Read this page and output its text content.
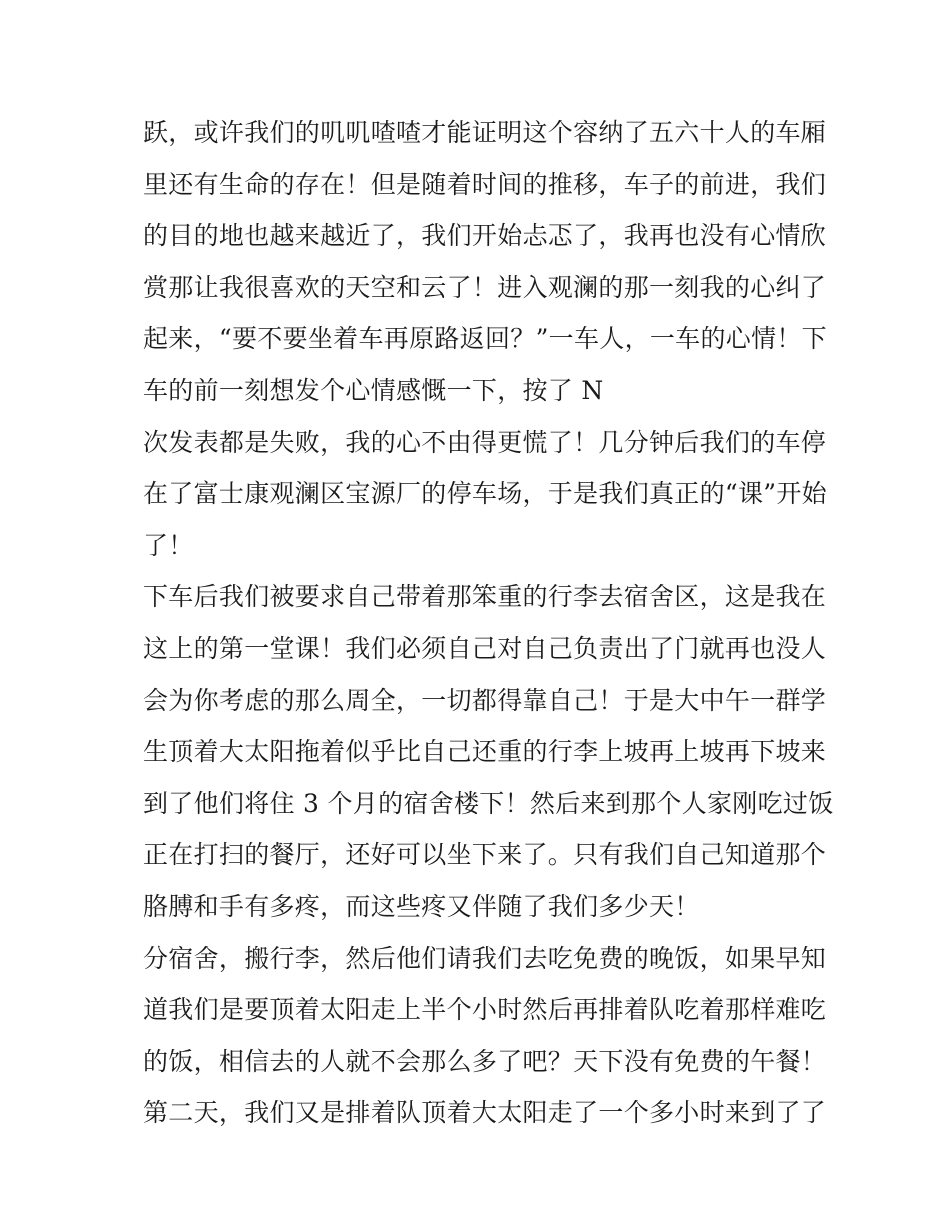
跃，或许我们的叽叽喳喳才能证明这个容纳了五六十人的车厢
里还有生命的存在！但是随着时间的推移，车子的前进，我们
的目的地也越来越近了，我们开始忐忑了，我再也没有心情欣
赏那让我很喜欢的天空和云了！进入观澜的那一刻我的心纠了
起来，“要不要坐着车再原路返回？”一车人，一车的心情！下
车的前一刻想发个心情感慨一下，按了 N
次发表都是失败，我的心不由得更慌了！几分钟后我们的车停
在了富士康观澜区宝源厂的停车场，于是我们真正的“课”开始
了！
下车后我们被要求自己带着那笨重的行李去宿舍区，这是我在
这上的第一堂课！我们必须自己对自己负责出了门就再也没人
会为你考虑的那么周全，一切都得靠自己！于是大中午一群学
生顶着大太阳拖着似乎比自己还重的行李上坡再上坡再下坡来
到了他们将住 3 个月的宿舍楼下！然后来到那个人家刚吃过饭
正在打扫的餐厅，还好可以坐下来了。只有我们自己知道那个
胳膊和手有多疼，而这些疼又伴随了我们多少天！
分宿舍，搬行李，然后他们请我们去吃免费的晚饭，如果早知
道我们是要顶着太阳走上半个小时然后再排着队吃着那样难吃
的饭，相信去的人就不会那么多了吧？天下没有免费的午餐！
第二天，我们又是排着队顶着大太阳走了一个多小时来到了了
